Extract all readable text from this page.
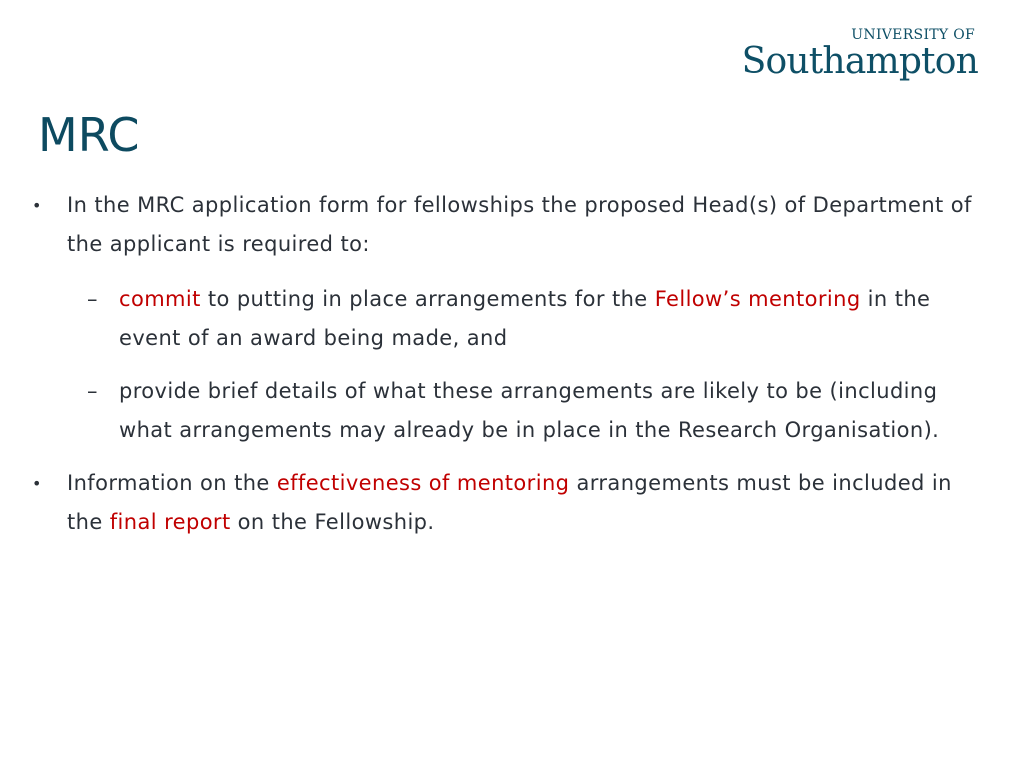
UNIVERSITY OF
Southampton
MRC
•	In the MRC application form for fellowships the proposed Head(s) of Department of the applicant is required to:
–	commit to putting in place arrangements for the Fellow’s mentoring in the event of an award being made, and
–	provide brief details of what these arrangements are likely to be (including what arrangements may already be in place in the Research Organisation).
•	Information on the effectiveness of mentoring arrangements must be included in the final report on the Fellowship.
